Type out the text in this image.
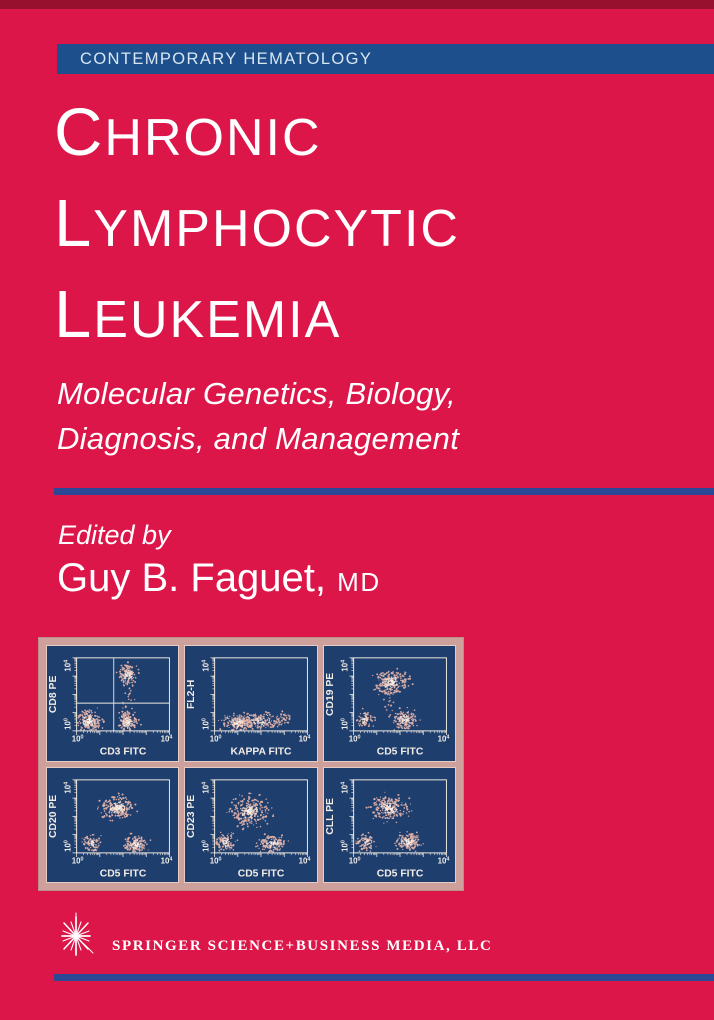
CONTEMPORARY HEMATOLOGY
CHRONIC
LYMPHOCYTIC
LEUKEMIA
Molecular Genetics, Biology,
Diagnosis, and Management
Edited by
Guy B. Faguet, MD
CD8 PE
$10^4$
$10^0$
$10^0$	$10^4$
CD3 FITC
FL2-H
$10^4$
$10^0$
$10^0$	$10^4$
KAPPA FITC
CD19 PE
$10^4$
$10^0$
$10^0$	$10^4$
CD5 FITC
CD20 PE
$10^4$
$10^0$
$10^0$	$10^4$
CD5 FITC
CD23 PE
$10^4$
$10^0$
$10^0$	$10^4$
CD5 FITC
CLL PE
$10^4$
$10^0$
$10^0$	$10^4$
CD5 FITC
SPRINGER SCIENCE+BUSINESS MEDIA, LLC
